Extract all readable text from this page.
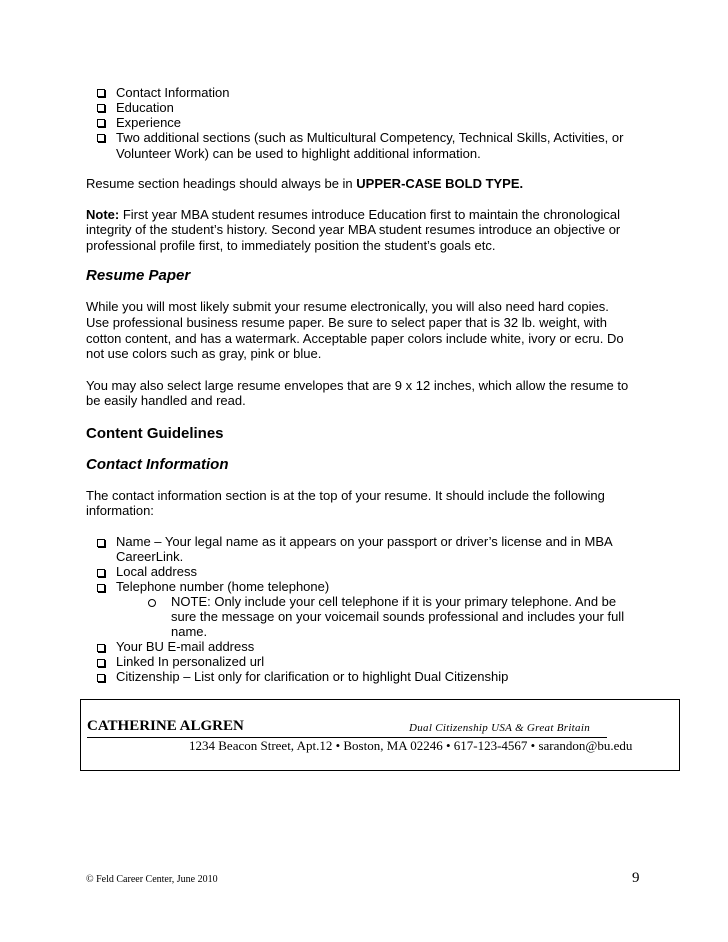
Contact Information
Education
Experience
Two additional sections (such as Multicultural Competency, Technical Skills, Activities, or
Volunteer Work) can be used to highlight additional information.
Resume section headings should always be in UPPER-CASE BOLD TYPE.
Note: First year MBA student resumes introduce Education first to maintain the chronological
integrity of the student’s history. Second year MBA student resumes introduce an objective or
professional profile first, to immediately position the student’s goals etc.
Resume Paper
While you will most likely submit your resume electronically, you will also need hard copies.
Use professional business resume paper. Be sure to select paper that is 32 lb. weight, with
cotton content, and has a watermark. Acceptable paper colors include white, ivory or ecru. Do
not use colors such as gray, pink or blue.
You may also select large resume envelopes that are 9 x 12 inches, which allow the resume to
be easily handled and read.
Content Guidelines
Contact Information
The contact information section is at the top of your resume. It should include the following
information:
Name – Your legal name as it appears on your passport or driver’s license and in MBA
CareerLink.
Local address
Telephone number (home telephone)
NOTE: Only include your cell telephone if it is your primary telephone. And be
sure the message on your voicemail sounds professional and includes your full
name.
Your BU E-mail address
Linked In personalized url
Citizenship – List only for clarification or to highlight Dual Citizenship
CATHERINE ALGREN	Dual Citizenship USA & Great Britain
1234 Beacon Street, Apt.12 • Boston, MA 02246 • 617-123-4567 • sarandon@bu.edu
© Feld Career Center, June 2010	9
